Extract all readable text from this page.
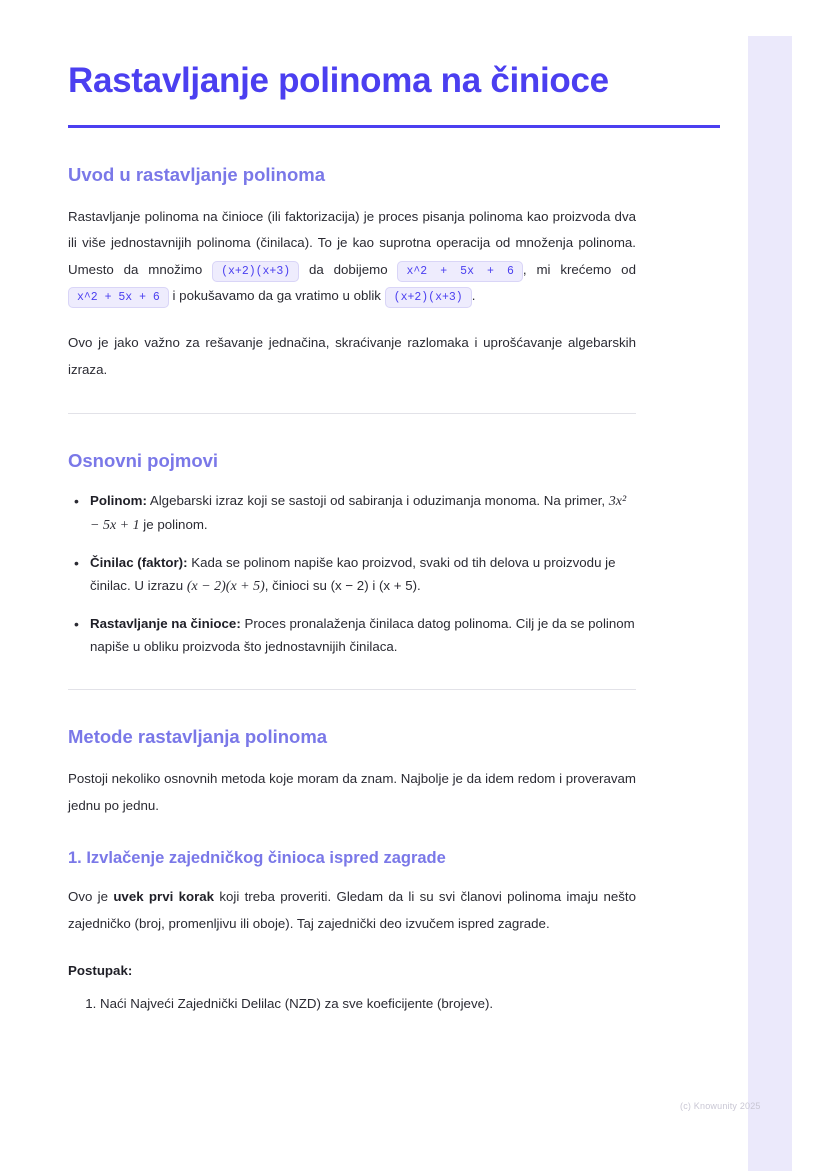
Rastavljanje polinoma na činioce
Uvod u rastavljanje polinoma

Rastavljanje polinoma na činioce (ili faktorizacija) je proces pisanja polinoma kao proizvoda dva ili više jednostavnijih polinoma (činilaca). To je kao suprotna operacija od množenja polinoma. Umesto da množimo (x+2)(x+3) da dobijemo x^2 + 5x + 6 , mi krećemo od x^2 + 5x + 6 i pokušavamo da ga vratimo u oblik (x+2)(x+3) .

Ovo je jako važno za rešavanje jednačina, skraćivanje razlomaka i uprošćavanje algebarskih izraza.

Osnovni pojmovi
• Polinom: Algebarski izraz koji se sastoji od sabiranja i oduzimanja monoma. Na primer, 3x² − 5x + 1 je polinom.
• Činilac (faktor): Kada se polinom napiše kao proizvod, svaki od tih delova u proizvodu je činilac. U izrazu (x − 2)(x + 5), činioci su (x − 2) i (x + 5).
• Rastavljanje na činioce: Proces pronalaženja činilaca datog polinoma. Cilj je da se polinom napiše u obliku proizvoda što jednostavnijih činilaca.
Metode rastavljanja polinoma

Postoji nekoliko osnovnih metoda koje moram da znam. Najbolje je da idem redom i proveravam jednu po jednu.

1. Izvlačenje zajedničkog činioca ispred zagrade

Ovo je uvek prvi korak koji treba proveriti. Gledam da li su svi članovi polinoma imaju nešto zajedničko (broj, promenljivu ili oboje). Taj zajednički deo izvučem ispred zagrade.

Postupak:
1. Naći Najveći Zajednički Delilac (NZD) za sve koeficijente (brojeve).
(c) Knowunity 2025
